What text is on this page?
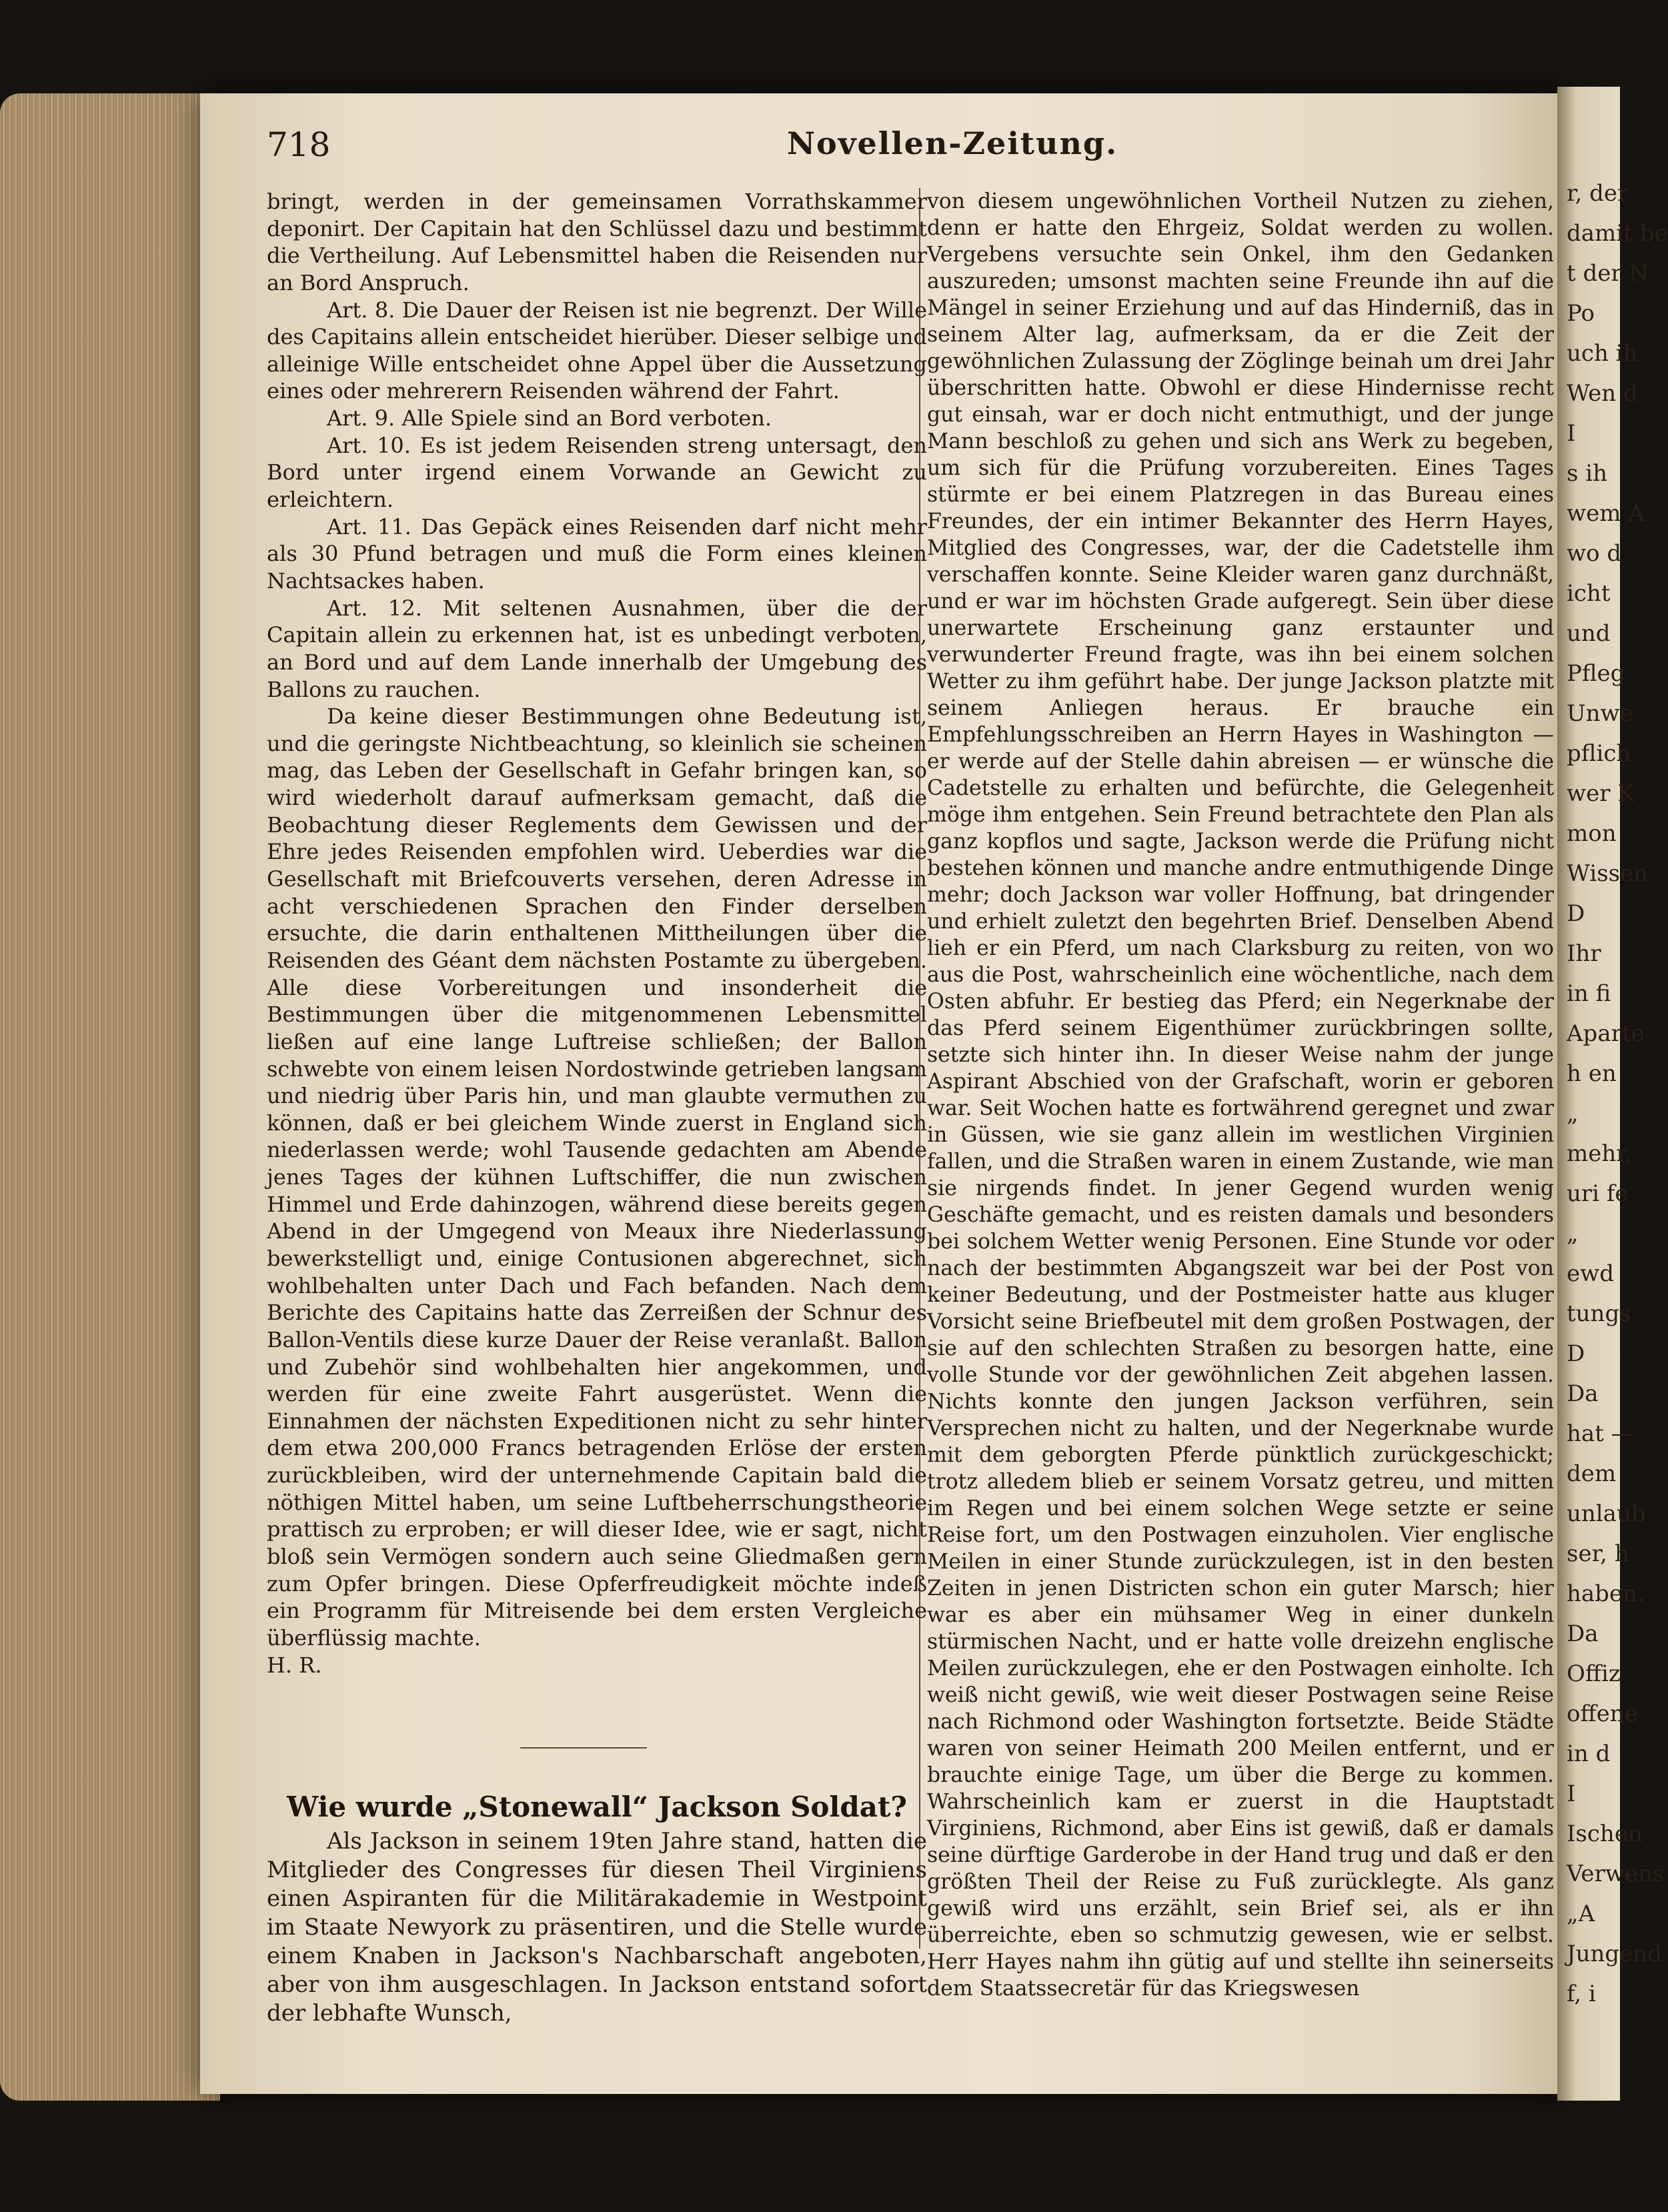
r, der
damit be
t der N
Po
uch ih
Wen d
I
s ih
wem A
wo d
icht
und
Pfleg
Unwe
pflich
wer K
mon
Wissen
D
Ihr
in fi
Aparte
h en
„
mehr,
uri fe
„
ewd
tungs
D
Da
hat —
dem
unlaub
ser, h
haben.
Da
Offiz
offene
in d
I
Ischen
Verwens
„A
Jungend
f, i
718	Novellen-Zeitung.

bringt, werden in der gemeinsamen Vorrathskammer deponirt. Der Capitain hat den Schlüssel dazu und bestimmt die Vertheilung. Auf Lebensmittel haben die Reisenden nur an Bord Anspruch.

Art. 8. Die Dauer der Reisen ist nie begrenzt. Der Wille des Capitains allein entscheidet hierüber. Dieser selbige und alleinige Wille entscheidet ohne Appel über die Aussetzung eines oder mehrerern Reisenden während der Fahrt.

Art. 9. Alle Spiele sind an Bord verboten.

Art. 10. Es ist jedem Reisenden streng untersagt, den Bord unter irgend einem Vorwande an Gewicht zu erleichtern.

Art. 11. Das Gepäck eines Reisenden darf nicht mehr als 30 Pfund betragen und muß die Form eines kleinen Nachtsackes haben.

Art. 12. Mit seltenen Ausnahmen, über die der Capitain allein zu erkennen hat, ist es unbedingt verboten, an Bord und auf dem Lande innerhalb der Umgebung des Ballons zu rauchen.

Da keine dieser Bestimmungen ohne Bedeutung ist, und die geringste Nichtbeachtung, so kleinlich sie scheinen mag, das Leben der Gesellschaft in Gefahr bringen kan, so wird wiederholt darauf aufmerksam gemacht, daß die Beobachtung dieser Reglements dem Gewissen und der Ehre jedes Reisenden empfohlen wird. Ueberdies war die Gesellschaft mit Briefcouverts versehen, deren Adresse in acht verschiedenen Sprachen den Finder derselben ersuchte, die darin enthaltenen Mittheilungen über die Reisenden des Géant dem nächsten Postamte zu übergeben. Alle diese Vorbereitungen und insonderheit die Bestimmungen über die mitgenommenen Lebensmittel ließen auf eine lange Luftreise schließen; der Ballon schwebte von einem leisen Nordostwinde getrieben langsam und niedrig über Paris hin, und man glaubte vermuthen zu können, daß er bei gleichem Winde zuerst in England sich niederlassen werde; wohl Tausende gedachten am Abende jenes Tages der kühnen Luftschiffer, die nun zwischen Himmel und Erde dahinzogen, während diese bereits gegen Abend in der Umgegend von Meaux ihre Niederlassung bewerkstelligt und, einige Contusionen abgerechnet, sich wohlbehalten unter Dach und Fach befanden. Nach dem Berichte des Capitains hatte das Zerreißen der Schnur des Ballon-Ventils diese kurze Dauer der Reise veranlaßt. Ballon und Zubehör sind wohlbehalten hier angekommen, und werden für eine zweite Fahrt ausgerüstet. Wenn die Einnahmen der nächsten Expeditionen nicht zu sehr hinter dem etwa 200,000 Francs betragenden Erlöse der ersten zurückbleiben, wird der unternehmende Capitain bald die nöthigen Mittel haben, um seine Luftbeherrschungstheorie prattisch zu erproben; er will dieser Idee, wie er sagt, nicht bloß sein Vermögen sondern auch seine Gliedmaßen gern zum Opfer bringen. Diese Opferfreudigkeit möchte indeß ein Programm für Mitreisende bei dem ersten Vergleiche überflüssig machte.

H. R.

Wie wurde „Stonewall“ Jackson Soldat?

Als Jackson in seinem 19ten Jahre stand, hatten die Mitglieder des Congresses für diesen Theil Virginiens einen Aspiranten für die Militärakademie in Westpoint im Staate Newyork zu präsentiren, und die Stelle wurde einem Knaben in Jackson's Nachbarschaft angeboten, aber von ihm ausgeschlagen. In Jackson entstand sofort der lebhafte Wunsch,

von diesem ungewöhnlichen Vortheil Nutzen zu ziehen, denn er hatte den Ehrgeiz, Soldat werden zu wollen. Vergebens versuchte sein Onkel, ihm den Gedanken auszureden; umsonst machten seine Freunde ihn auf die Mängel in seiner Erziehung und auf das Hinderniß, das in seinem Alter lag, aufmerksam, da er die Zeit der gewöhnlichen Zulassung der Zöglinge beinah um drei Jahr überschritten hatte. Obwohl er diese Hindernisse recht gut einsah, war er doch nicht entmuthigt, und der junge Mann beschloß zu gehen und sich ans Werk zu begeben, um sich für die Prüfung vorzubereiten. Eines Tages stürmte er bei einem Platzregen in das Bureau eines Freundes, der ein intimer Bekannter des Herrn Hayes, Mitglied des Congresses, war, der die Cadetstelle ihm verschaffen konnte. Seine Kleider waren ganz durchnäßt, und er war im höchsten Grade aufgeregt. Sein über diese unerwartete Erscheinung ganz erstaunter und verwunderter Freund fragte, was ihn bei einem solchen Wetter zu ihm geführt habe. Der junge Jackson platzte mit seinem Anliegen heraus. Er brauche ein Empfehlungsschreiben an Herrn Hayes in Washington — er werde auf der Stelle dahin abreisen — er wünsche die Cadetstelle zu erhalten und befürchte, die Gelegenheit möge ihm entgehen. Sein Freund betrachtete den Plan als ganz kopflos und sagte, Jackson werde die Prüfung nicht bestehen können und manche andre entmuthigende Dinge mehr; doch Jackson war voller Hoffnung, bat dringender und erhielt zuletzt den begehrten Brief. Denselben Abend lieh er ein Pferd, um nach Clarksburg zu reiten, von wo aus die Post, wahrscheinlich eine wöchentliche, nach dem Osten abfuhr. Er bestieg das Pferd; ein Negerknabe der das Pferd seinem Eigenthümer zurückbringen sollte, setzte sich hinter ihn. In dieser Weise nahm der junge Aspirant Abschied von der Grafschaft, worin er geboren war. Seit Wochen hatte es fortwährend geregnet und zwar in Güssen, wie sie ganz allein im westlichen Virginien fallen, und die Straßen waren in einem Zustande, wie man sie nirgends findet. In jener Gegend wurden wenig Geschäfte gemacht, und es reisten damals und besonders bei solchem Wetter wenig Personen. Eine Stunde vor oder nach der bestimmten Abgangszeit war bei der Post von keiner Bedeutung, und der Postmeister hatte aus kluger Vorsicht seine Briefbeutel mit dem großen Postwagen, der sie auf den schlechten Straßen zu besorgen hatte, eine volle Stunde vor der gewöhnlichen Zeit abgehen lassen. Nichts konnte den jungen Jackson verführen, sein Versprechen nicht zu halten, und der Negerknabe wurde mit dem geborgten Pferde pünktlich zurückgeschickt; trotz alledem blieb er seinem Vorsatz getreu, und mitten im Regen und bei einem solchen Wege setzte er seine Reise fort, um den Postwagen einzuholen. Vier englische Meilen in einer Stunde zurückzulegen, ist in den besten Zeiten in jenen Districten schon ein guter Marsch; hier war es aber ein mühsamer Weg in einer dunkeln stürmischen Nacht, und er hatte volle dreizehn englische Meilen zurückzulegen, ehe er den Postwagen einholte. Ich weiß nicht gewiß, wie weit dieser Postwagen seine Reise nach Richmond oder Washington fortsetzte. Beide Städte waren von seiner Heimath 200 Meilen entfernt, und er brauchte einige Tage, um über die Berge zu kommen. Wahrscheinlich kam er zuerst in die Hauptstadt Virginiens, Richmond, aber Eins ist gewiß, daß er damals seine dürftige Garderobe in der Hand trug und daß er den größten Theil der Reise zu Fuß zurücklegte. Als ganz gewiß wird uns erzählt, sein Brief sei, als er ihn überreichte, eben so schmutzig gewesen, wie er selbst. Herr Hayes nahm ihn gütig auf und stellte ihn seinerseits dem Staatssecretär für das Kriegswesen
